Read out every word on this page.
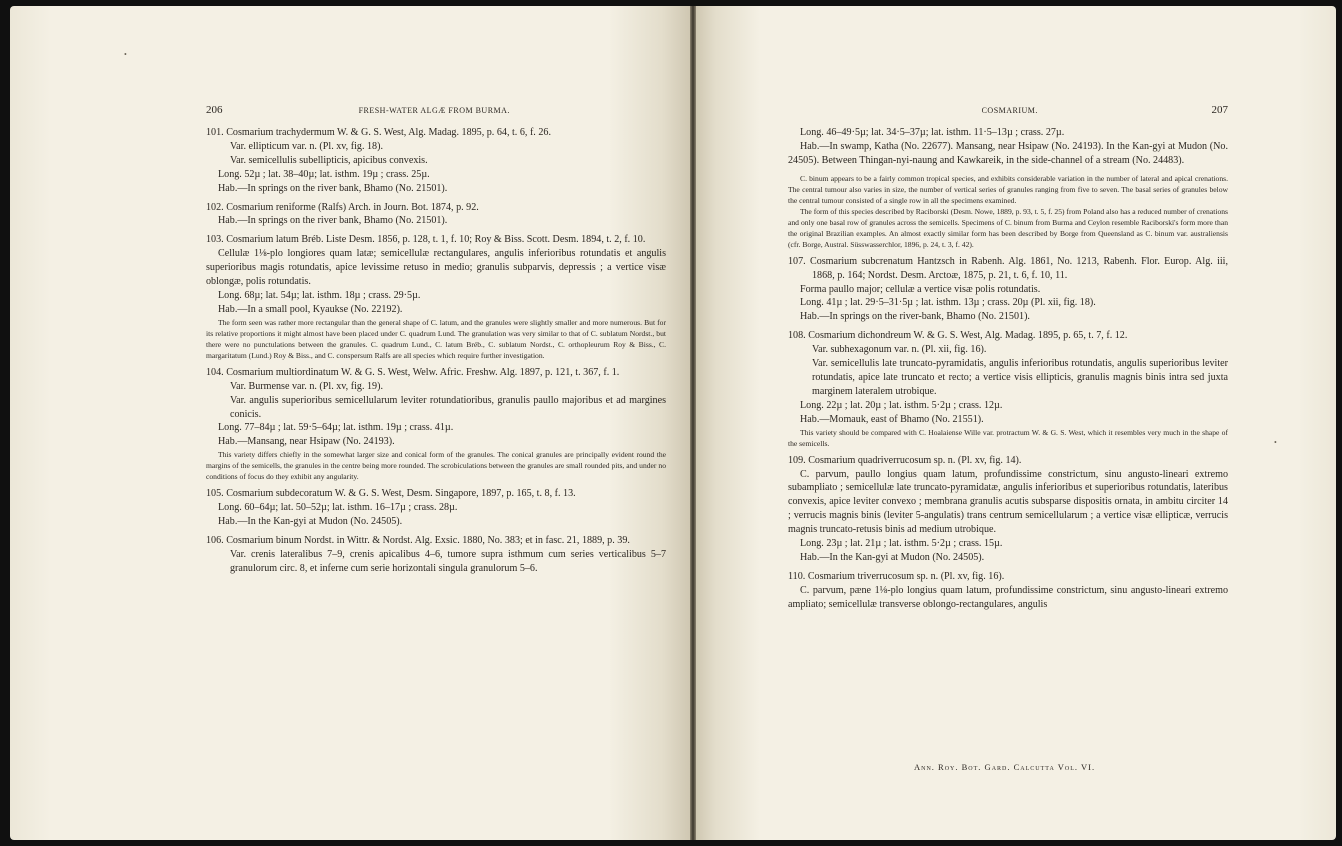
•
206	FRESH-WATER ALGÆ FROM BURMA.

101. Cosmarium trachydermum W. & G. S. West, Alg. Madag. 1895, p. 64, t. 6, f. 26.

Var. ellipticum var. n. (Pl. xv, fig. 18).

Var. semicellulis subellipticis, apicibus convexis.

Long. 52µ ; lat. 38–40µ; lat. isthm. 19µ ; crass. 25µ.

Hab.—In springs on the river bank, Bhamo (No. 21501).

102. Cosmarium reniforme (Ralfs) Arch. in Journ. Bot. 1874, p. 92.

Hab.—In springs on the river bank, Bhamo (No. 21501).

103. Cosmarium latum Bréb. Liste Desm. 1856, p. 128, t. 1, f. 10; Roy & Biss. Scott. Desm. 1894, t. 2, f. 10.

Cellulæ 1⅛-plo longiores quam latæ; semicellulæ rectangulares, angulis inferioribus rotundatis et angulis superioribus magis rotundatis, apice levissime retuso in medio; granulis subparvis, depressis ; a vertice visæ oblongæ, polis rotundatis.

Long. 68µ; lat. 54µ; lat. isthm. 18µ ; crass. 29·5µ.

Hab.—In a small pool, Kyaukse (No. 22192).

The form seen was rather more rectangular than the general shape of C. latum, and the granules were slightly smaller and more numerous. But for its relative proportions it might almost have been placed under C. quadrum Lund. The granulation was very similar to that of C. sublatum Nordst., but there were no punctulations between the granules. C. quadrum Lund., C. latum Bréb., C. sublatum Nordst., C. orthopleurum Roy & Biss., C. margaritatum (Lund.) Roy & Biss., and C. conspersum Ralfs are all species which require further investigation.

104. Cosmarium multiordinatum W. & G. S. West, Welw. Afric. Freshw. Alg. 1897, p. 121, t. 367, f. 1.

Var. Burmense var. n. (Pl. xv, fig. 19).

Var. angulis superioribus semicellularum leviter rotundatioribus, granulis paullo majoribus et ad margines conicis.

Long. 77–84µ ; lat. 59·5–64µ; lat. isthm. 19µ ; crass. 41µ.

Hab.—Mansang, near Hsipaw (No. 24193).

This variety differs chiefly in the somewhat larger size and conical form of the granules. The conical granules are principally evident round the margins of the semicells, the granules in the centre being more rounded. The scrobiculations between the granules are small rounded pits, and under no conditions of focus do they exhibit any angularity.

105. Cosmarium subdecoratum W. & G. S. West, Desm. Singapore, 1897, p. 165, t. 8, f. 13.

Long. 60–64µ; lat. 50–52µ; lat. isthm. 16–17µ ; crass. 28µ.

Hab.—In the Kan-gyi at Mudon (No. 24505).

106. Cosmarium binum Nordst. in Wittr. & Nordst. Alg. Exsic. 1880, No. 383; et in fasc. 21, 1889, p. 39.

Var. crenis lateralibus 7–9, crenis apicalibus 4–6, tumore supra isthmum cum series verticalibus 5–7 granulorum circ. 8, et inferne cum serie horizontali singula granulorum 5–6.

COSMARIUM.	207

Long. 46–49·5µ; lat. 34·5–37µ; lat. isthm. 11·5–13µ ; crass. 27µ.

Hab.—In swamp, Katha (No. 22677). Mansang, near Hsipaw (No. 24193). In the Kan-gyi at Mudon (No. 24505). Between Thingan-nyi-naung and Kawkareik, in the side-channel of a stream (No. 24483).

C. binum appears to be a fairly common tropical species, and exhibits considerable variation in the number of lateral and apical crenations. The central tumour also varies in size, the number of vertical series of granules ranging from five to seven. The basal series of granules below the central tumour consisted of a single row in all the specimens examined.

The form of this species described by Raciborski (Desm. Nowe, 1889, p. 93, t. 5, f. 25) from Poland also has a reduced number of crenations and only one basal row of granules across the semicells. Specimens of C. binum from Burma and Ceylon resemble Raciborski's form more than the original Brazilian examples. An almost exactly similar form has been described by Borge from Queensland as C. binum var. australiensis (cfr. Borge, Austral. Süsswasserchlor, 1896, p. 24, t. 3, f. 42).

107. Cosmarium subcrenatum Hantzsch in Rabenh. Alg. 1861, No. 1213, Rabenh. Flor. Europ. Alg. iii, 1868, p. 164; Nordst. Desm. Arctoæ, 1875, p. 21, t. 6, f. 10, 11.

Forma paullo major; cellulæ a vertice visæ polis rotundatis.

Long. 41µ ; lat. 29·5–31·5µ ; lat. isthm. 13µ ; crass. 20µ (Pl. xii, fig. 18).

Hab.—In springs on the river-bank, Bhamo (No. 21501).

108. Cosmarium dichondreum W. & G. S. West, Alg. Madag. 1895, p. 65, t. 7, f. 12.

Var. subhexagonum var. n. (Pl. xii, fig. 16).

Var. semicellulis late truncato-pyramidatis, angulis inferioribus rotundatis, angulis superioribus leviter rotundatis, apice late truncato et recto; a vertice visis ellipticis, granulis magnis binis intra sed juxta marginem lateralem utrobique.

Long. 22µ ; lat. 20µ ; lat. isthm. 5·2µ ; crass. 12µ.

Hab.—Momauk, east of Bhamo (No. 21551).

This variety should be compared with C. Hoalaiense Wille var. protractum W. & G. S. West, which it resembles very much in the shape of the semicells.

109. Cosmarium quadriverrucosum sp. n. (Pl. xv, fig. 14).

C. parvum, paullo longius quam latum, profundissime constrictum, sinu angusto-lineari extremo subampliato ; semicellulæ late truncato-pyramidatæ, angulis inferioribus et superioribus rotundatis, lateribus convexis, apice leviter convexo ; membrana granulis acutis subsparse dispositis ornata, in ambitu circiter 14 ; verrucis magnis binis (leviter 5-angulatis) trans centrum semicellularum ; a vertice visæ ellipticæ, verrucis magnis truncato-retusis binis ad medium utrobique.

Long. 23µ ; lat. 21µ ; lat. isthm. 5·2µ ; crass. 15µ.

Hab.—In the Kan-gyi at Mudon (No. 24505).

110. Cosmarium triverrucosum sp. n. (Pl. xv, fig. 16).

C. parvum, pæne 1⅛-plo longius quam latum, profundissime constrictum, sinu angusto-lineari extremo ampliato; semicellulæ transverse oblongo-rectangulares, angulis

Ann. Roy. Bot. Gard. Calcutta Vol. VI.
•
